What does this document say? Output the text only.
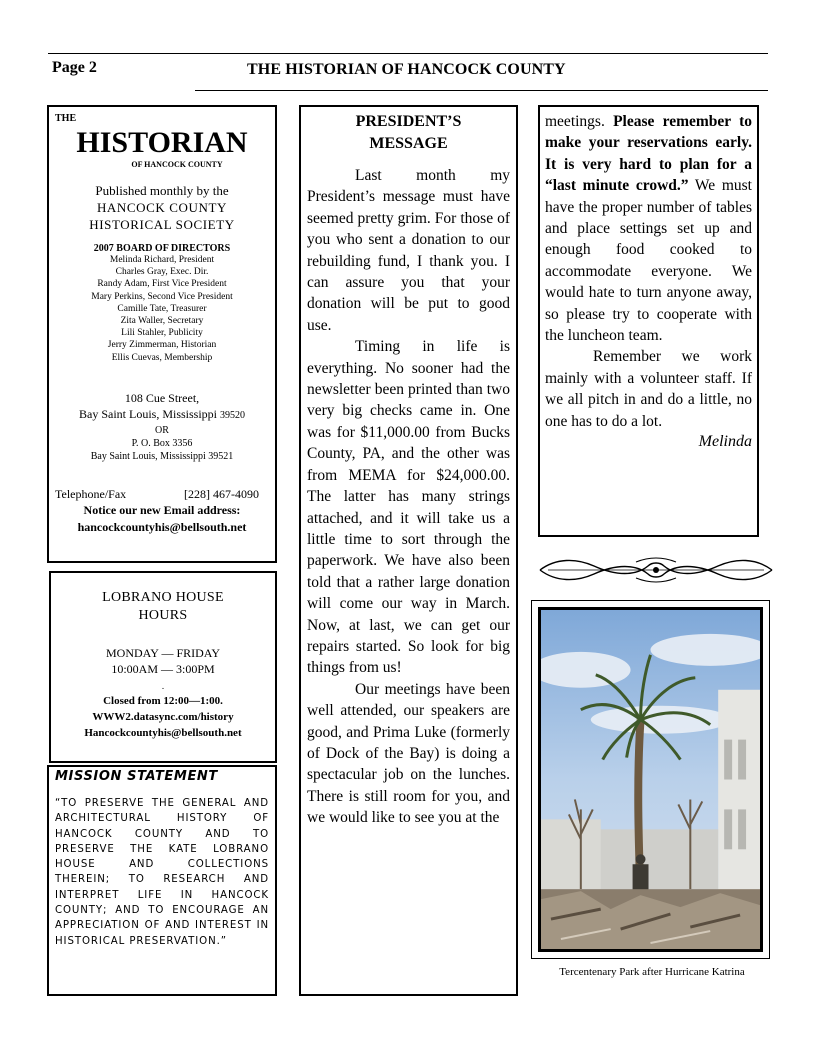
Page 2	THE HISTORIAN OF HANCOCK COUNTY
THE
HISTORIAN
OF HANCOCK COUNTY
Published monthly by the
HANCOCK COUNTY
HISTORICAL SOCIETY
2007 BOARD OF DIRECTORS
Melinda Richard, President
Charles Gray, Exec. Dir.
Randy Adam, First Vice President
Mary Perkins, Second Vice President
Camille Tate, Treasurer
Zita Waller, Secretary
Lili Stahler, Publicity
Jerry Zimmerman, Historian
Ellis Cuevas, Membership
108 Cue Street,
Bay Saint Louis, Mississippi 39520
OR
P. O. Box 3356
Bay Saint Louis, Mississippi 39521
Telephone/Fax	[228] 467-4090
Notice our new Email address:
hancockcountyhis@bellsouth.net
LOBRANO HOUSE
HOURS
MONDAY — FRIDAY
10:00AM — 3:00PM
.
Closed from 12:00—1:00.
WWW2.datasync.com/history
Hancockcountyhis@bellsouth.net
MISSION STATEMENT
“TO PRESERVE THE GENERAL AND ARCHITECTURAL HISTORY OF HANCOCK COUNTY AND TO PRESERVE THE KATE LOBRANO HOUSE AND COLLECTIONS THEREIN; TO RESEARCH AND INTERPRET LIFE IN HANCOCK COUNTY; AND TO ENCOURAGE AN APPRECIATION OF AND INTEREST IN HISTORICAL PRESERVATION.”
PRESIDENT’S
MESSAGE

Last month my President’s message must have seemed pretty grim. For those of you who sent a donation to our rebuilding fund, I thank you. I can assure you that your donation will be put to good use.

Timing in life is everything. No sooner had the newsletter been printed than two very big checks came in. One was for $11,000.00 from Bucks County, PA, and the other was from MEMA for $24,000.00. The latter has many strings attached, and it will take us a little time to sort through the paperwork. We have also been told that a rather large donation will come our way in March. Now, at last, we can get our repairs started. So look for big things from us!

Our meetings have been well attended, our speakers are good, and Prima Luke (formerly of Dock of the Bay) is doing a spectacular job on the lunches. There is still room for you, and we would like to see you at the

meetings. Please remember to make your reservations early. It is very hard to plan for a “last minute crowd.” We must have the proper number of tables and place settings set up and enough food cooked to accommodate everyone. We would hate to turn anyone away, so please try to cooperate with the luncheon team.

Remember we work mainly with a volunteer staff. If we all pitch in and do a little, no one has to do a lot.

Melinda
Tercentenary Park after Hurricane Katrina
